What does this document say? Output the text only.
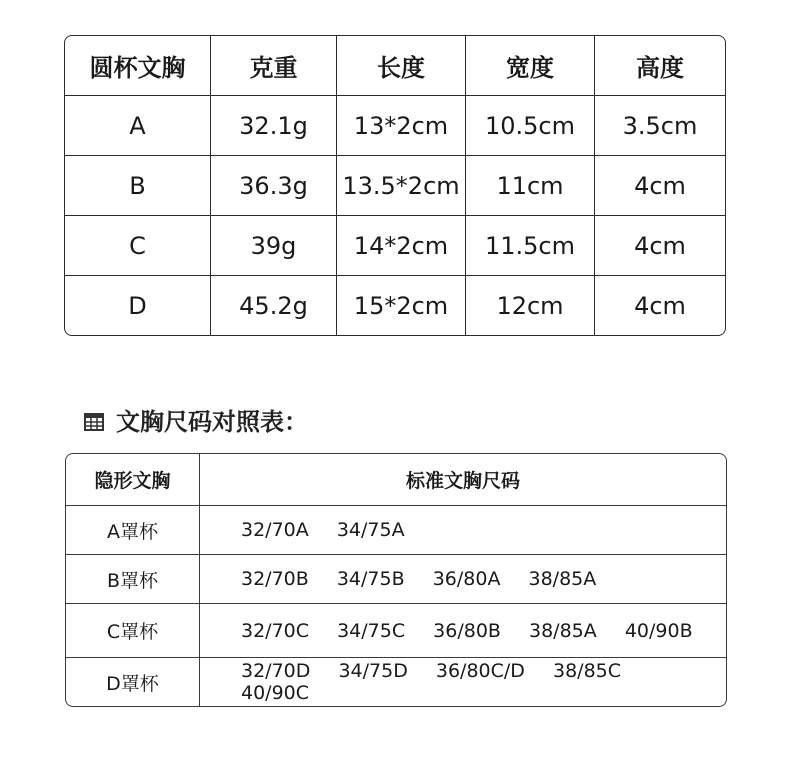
圆杯文胸	克重	长度	宽度	高度
A	32.1g	13*2cm	10.5cm	3.5cm
B	36.3g	13.5*2cm	11cm	4cm
C	39g	14*2cm	11.5cm	4cm
D	45.2g	15*2cm	12cm	4cm
文胸尺码对照表：
隐形文胸	标准文胸尺码
A罩杯	32/70A 34/75A
B罩杯	32/70B 34/75B 36/80A 38/85A
C罩杯	32/70C 34/75C 36/80B 38/85A 40/90B
D罩杯	32/70D 34/75D 36/80C/D 38/85C 40/90C
